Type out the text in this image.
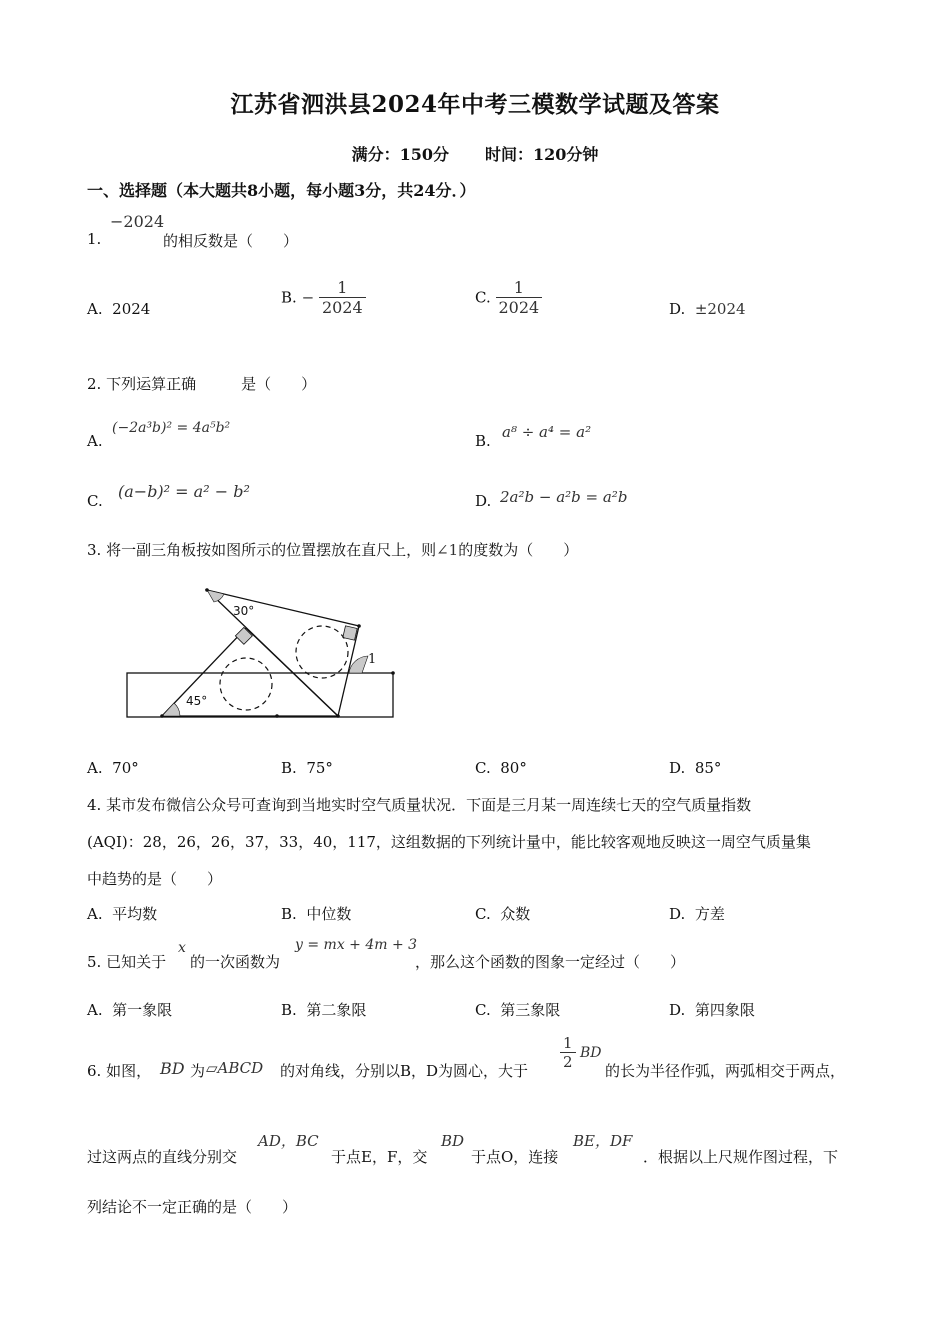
江苏省泗洪县2024年中考三模数学试题及答案
满分：150分 时间：120分钟
一、选择题（本大题共8小题，每小题3分，共24分．）
−2024
1.	的相反数是（　　）
A. 2024
B. − $\frac{1}{2024}$	C. $\frac{1}{2024}$	D. ±2024
2. 下列运算正确　　　是（　　）
A.
(−2a³b)² = 4a⁵b²
B. a⁸ ÷ a⁴ = a²
C. (a−b)² = a² − b²	D. 2a²b − a²b = a²b
3. 将一副三角板按如图所示的位置摆放在直尺上，则∠1的度数为（　　）
30°
45°
1
A. 70°	B. 75°	C. 80°	D. 85°
4. 某市发布微信公众号可查询到当地实时空气质量状况．下面是三月某一周连续七天的空气质量指数
(AQI)：28，26，26，37，33，40，117，这组数据的下列统计量中，能比较客观地反映这一周空气质量集
中趋势的是（　　）
A. 平均数	B. 中位数	C. 众数	D. 方差
5. 已知关于
x
的一次函数为
y = mx + 4m + 3
，那么这个函数的图象一定经过（　　）
A. 第一象限	B. 第二象限	C. 第三象限	D. 第四象限
6. 如图， BD 为 ▱ABCD 的对角线，分别以B，D为圆心，大于 $\frac{1}{2}$ BD
的长为半径作弧，两弧相交于两点，
过这两点的直线分别交
AD，BC
于点E，F，交
BD
于点O，连接
BE，DF
．根据以上尺规作图过程，下
列结论不一定正确的是（　　）
